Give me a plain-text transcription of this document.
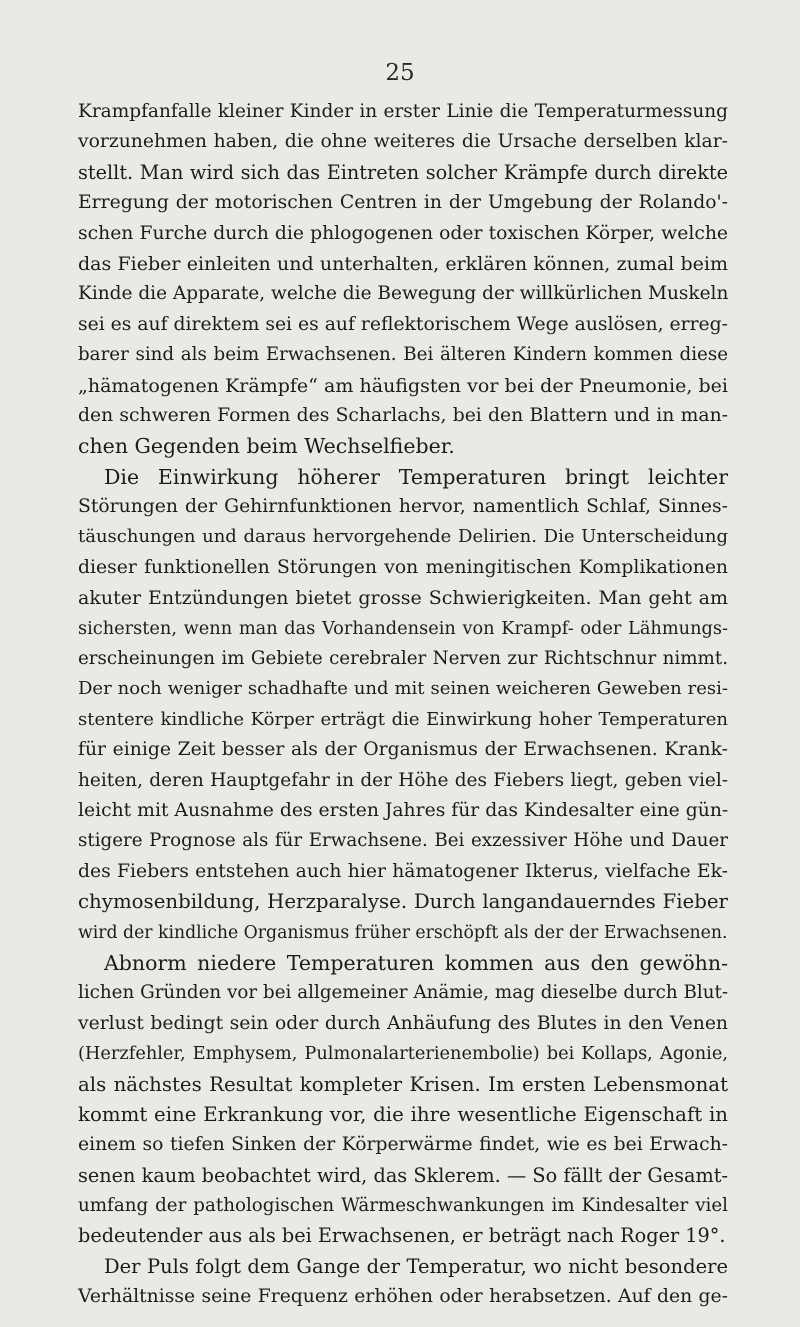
25
Krampfanfalle kleiner Kinder in erster Linie die Temperaturmessung
vorzunehmen haben, die ohne weiteres die Ursache derselben klar-
stellt. Man wird sich das Eintreten solcher Krämpfe durch direkte
Erregung der motorischen Centren in der Umgebung der Rolando'-
schen Furche durch die phlogogenen oder toxischen Körper, welche
das Fieber einleiten und unterhalten, erklären können, zumal beim
Kinde die Apparate, welche die Bewegung der willkürlichen Muskeln
sei es auf direktem sei es auf reflektorischem Wege auslösen, erreg-
barer sind als beim Erwachsenen. Bei älteren Kindern kommen diese
„hämatogenen Krämpfe“ am häufigsten vor bei der Pneumonie, bei
den schweren Formen des Scharlachs, bei den Blattern und in man-
chen Gegenden beim Wechselfieber.
Die Einwirkung höherer Temperaturen bringt leichter
Störungen der Gehirnfunktionen hervor, namentlich Schlaf, Sinnes-
täuschungen und daraus hervorgehende Delirien. Die Unterscheidung
dieser funktionellen Störungen von meningitischen Komplikationen
akuter Entzündungen bietet grosse Schwierigkeiten. Man geht am
sichersten, wenn man das Vorhandensein von Krampf- oder Lähmungs-
erscheinungen im Gebiete cerebraler Nerven zur Richtschnur nimmt.
Der noch weniger schadhafte und mit seinen weicheren Geweben resi-
stentere kindliche Körper erträgt die Einwirkung hoher Temperaturen
für einige Zeit besser als der Organismus der Erwachsenen. Krank-
heiten, deren Hauptgefahr in der Höhe des Fiebers liegt, geben viel-
leicht mit Ausnahme des ersten Jahres für das Kindesalter eine gün-
stigere Prognose als für Erwachsene. Bei exzessiver Höhe und Dauer
des Fiebers entstehen auch hier hämatogener Ikterus, vielfache Ek-
chymosenbildung, Herzparalyse. Durch langandauerndes Fieber
wird der kindliche Organismus früher erschöpft als der der Erwachsenen.
Abnorm niedere Temperaturen kommen aus den gewöhn-
lichen Gründen vor bei allgemeiner Anämie, mag dieselbe durch Blut-
verlust bedingt sein oder durch Anhäufung des Blutes in den Venen
(Herzfehler, Emphysem, Pulmonalarterienembolie) bei Kollaps, Agonie,
als nächstes Resultat kompleter Krisen. Im ersten Lebensmonat
kommt eine Erkrankung vor, die ihre wesentliche Eigenschaft in
einem so tiefen Sinken der Körperwärme findet, wie es bei Erwach-
senen kaum beobachtet wird, das Sklerem. — So fällt der Gesamt-
umfang der pathologischen Wärmeschwankungen im Kindesalter viel
bedeutender aus als bei Erwachsenen, er beträgt nach Roger 19°.
Der Puls folgt dem Gange der Temperatur, wo nicht besondere
Verhältnisse seine Frequenz erhöhen oder herabsetzen. Auf den ge-
